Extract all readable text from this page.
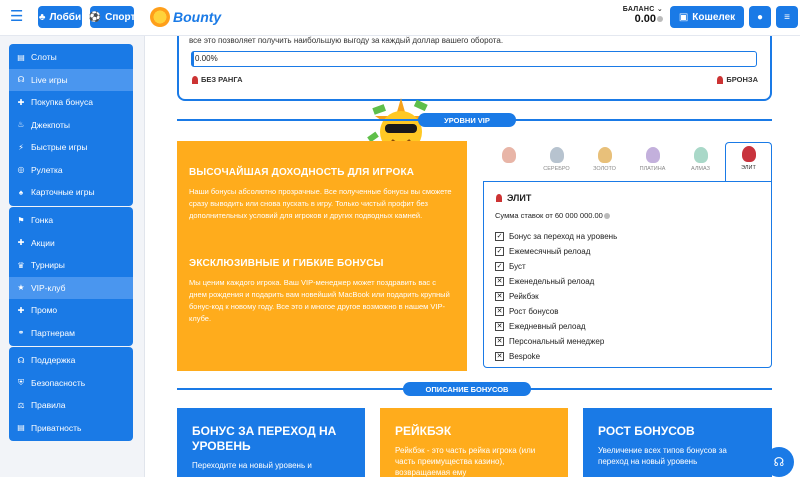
☰ ♣ Лобби ⚽ Спорт	Bounty	БАЛАНС ⌄
0.00	▣ Кошелек ● ≡
▤ Слоты
☊ Live игры
✚ Покупка бонуса
♨ Джекпоты
⚡ Быстрые игры
◎ Рулетка
♠ Карточные игры
⚑ Гонка
✚ Акции
♛ Турниры
★ VIP-клуб
✚ Промо
⚭ Партнерам
☊ Поддержка
⛨ Безопасность
⚖ Правила
▤ Приватность
все это позволяет получить наибольшую выгоду за каждый доллар вашего оборота.
0.00%
БЕЗ РАНГА	БРОНЗА
УРОВНИ VIP
ВЫСОЧАЙШАЯ ДОХОДНОСТЬ ДЛЯ ИГРОКА
Наши бонусы абсолютно прозрачные. Все полученные бонусы вы сможете сразу выводить или снова пускать в игру. Только чистый профит без дополнительных условий для игроков и других подводных камней.
ЭКСКЛЮЗИВНЫЕ И ГИБКИЕ БОНУСЫ
Мы ценим каждого игрока. Ваш VIP-менеджер может поздравить вас с днем рождения и подарить вам новейший MacBook или подарить крупный бонус-код к новому году. Все это и многое другое возможно в нашем VIP-клубе.
СЕРЕБРО	ЗОЛОТО	ПЛАТИНА	АЛМАЗ	ЭЛИТ
ЭЛИТ
Сумма ставок от 60 000 000.00
✓ Бонус за переход на уровень
✓ Ежемесячный релоад
✓ Буст
✕ Еженедельный релоад
✕ Рейкбэк
✕ Рост бонусов
✕ Ежедневный релоад
✕ Персональный менеджер
✕ Bespoke
ОПИСАНИЕ БОНУСОВ
БОНУС ЗА ПЕРЕХОД НА УРОВЕНЬ
Переходите на новый уровень и
РЕЙКБЭК
Рейкбэк - это часть рейка игрока (или часть преимущества казино), возвращаемая ему
РОСТ БОНУСОВ
Увеличение всех типов бонусов за переход на новый уровень	☊
